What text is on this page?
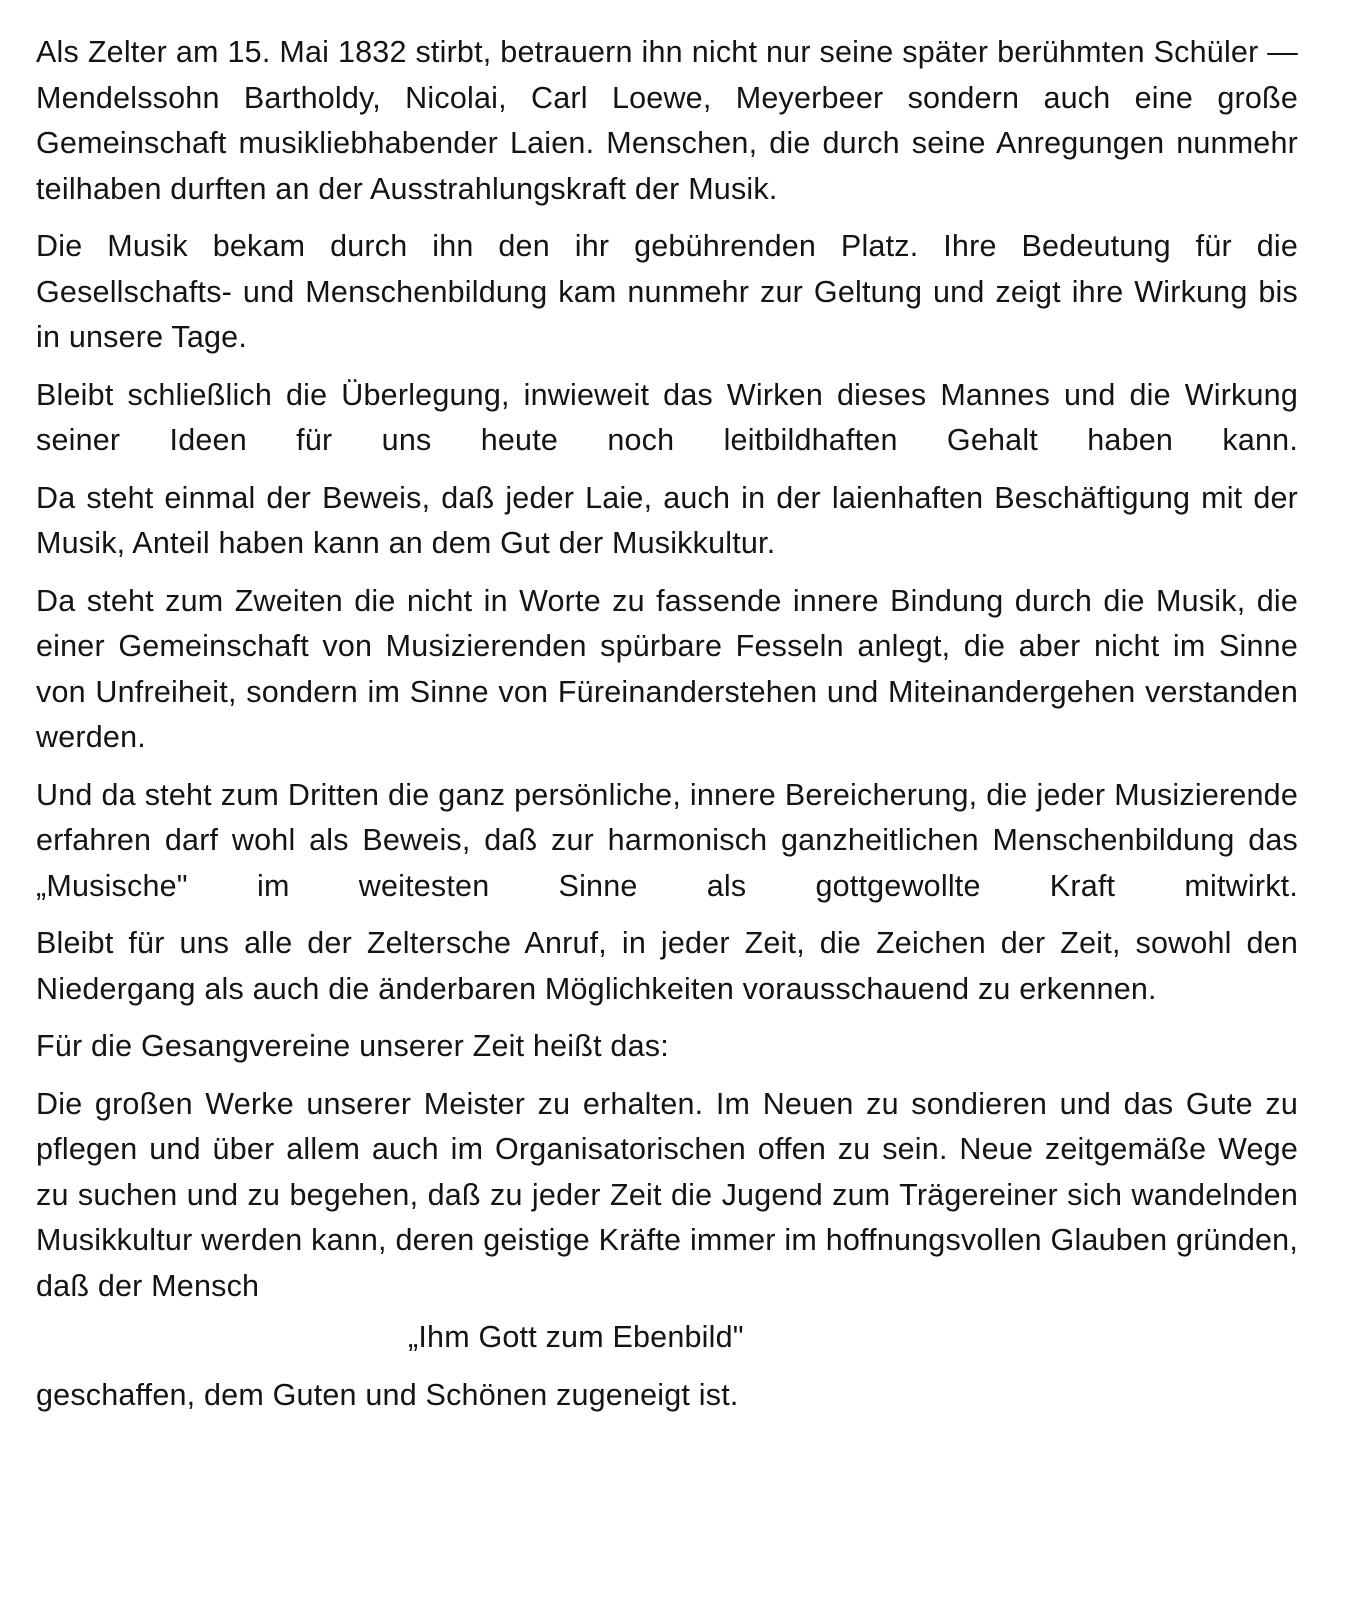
Als Zelter am 15. Mai 1832 stirbt, betrauern ihn nicht nur seine später berühmten Schüler —Mendelssohn Bartholdy, Nicolai, Carl Loewe, Meyerbeer sondern auch eine große Gemeinschaft musikliebhabender Laien. Menschen, die durch seine Anregungen nunmehr teilhaben durften an der Ausstrahlungskraft der Musik.

Die Musik bekam durch ihn den ihr gebührenden Platz. Ihre Bedeutung für die Gesellschafts- und Menschenbildung kam nunmehr zur Geltung und zeigt ihre Wirkung bis in unsere Tage.

Bleibt schließlich die Überlegung, inwieweit das Wirken dieses Mannes und die Wirkung seiner Ideen für uns heute noch leitbildhaften Gehalt haben kann.

Da steht einmal der Beweis, daß jeder Laie, auch in der laienhaften Beschäftigung mit der Musik, Anteil haben kann an dem Gut der Musikkultur.

Da steht zum Zweiten die nicht in Worte zu fassende innere Bindung durch die Musik, die einer Gemeinschaft von Musizierenden spürbare Fesseln anlegt, die aber nicht im Sinne von Unfreiheit, sondern im Sinne von Füreinanderstehen und Miteinandergehen verstanden werden.

Und da steht zum Dritten die ganz persönliche, innere Bereicherung, die jeder Musizierende erfahren darf wohl als Beweis, daß zur harmonisch ganzheitlichen Menschenbildung das „Musische" im weitesten Sinne als gottgewollte Kraft mitwirkt.

Bleibt für uns alle der Zeltersche Anruf, in jeder Zeit, die Zeichen der Zeit, sowohl den Niedergang als auch die änderbaren Möglichkeiten vorausschauend zu erkennen.

Für die Gesangvereine unserer Zeit heißt das:

Die großen Werke unserer Meister zu erhalten. Im Neuen zu sondieren und das Gute zu pflegen und über allem auch im Organisatorischen offen zu sein. Neue zeitgemäße Wege zu suchen und zu begehen, daß zu jeder Zeit die Jugend zum Trägereiner sich wandelnden Musikkultur werden kann, deren geistige Kräfte immer im hoffnungsvollen Glauben gründen, daß der Mensch

„Ihm Gott zum Ebenbild"

geschaffen, dem Guten und Schönen zugeneigt ist.
